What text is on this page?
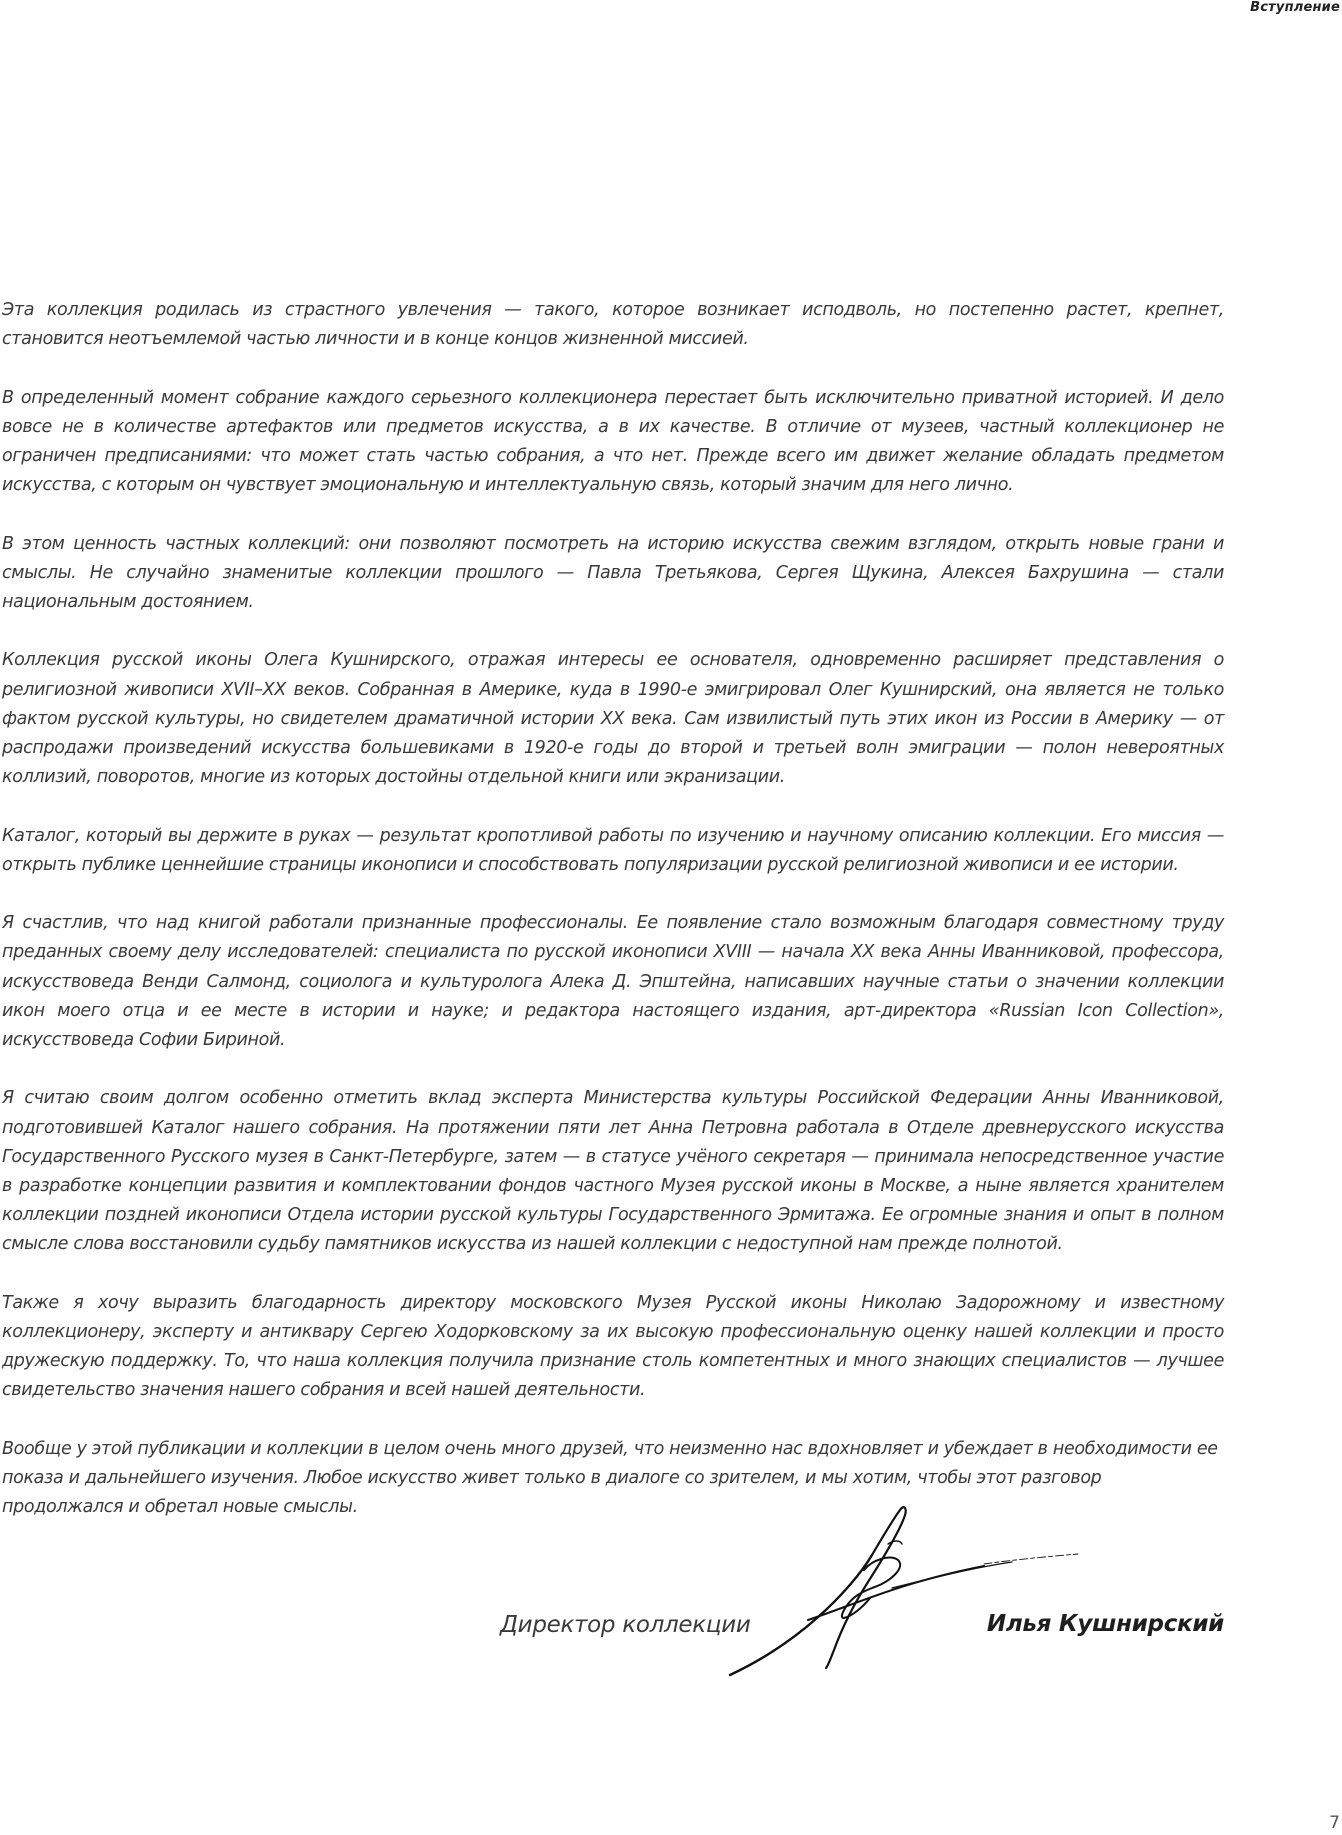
Вступление

Эта коллекция родилась из страстного увлечения — такого, которое возникает исподволь, но постепенно растет, крепнет, становится неотъемлемой частью личности и в конце концов жизненной миссией.

В определенный момент собрание каждого серьезного коллекционера перестает быть исключительно приватной историей. И дело вовсе не в количестве артефактов или предметов искусства, а в их качестве. В отличие от музеев, частный коллекционер не ограничен предписаниями: что может стать частью собрания, а что нет. Прежде всего им движет желание обладать предметом искусства, с которым он чувствует эмоциональную и интеллектуальную связь, который значим для него лично.

В этом ценность частных коллекций: они позволяют посмотреть на историю искусства свежим взглядом, открыть новые грани и смыслы. Не случайно знаменитые коллекции прошлого — Павла Третьякова, Сергея Щукина, Алексея Бахрушина — стали национальным достоянием.

Коллекция русской иконы Олега Кушнирского, отражая интересы ее основателя, одновременно расширяет представления о религиозной живописи XVII–XX веков. Собранная в Америке, куда в 1990-е эмигрировал Олег Кушнирский, она является не только фактом русской культуры, но свидетелем драматичной истории XX века. Сам извилистый путь этих икон из России в Америку — от распродажи произведений искусства большевиками в 1920-е годы до второй и третьей волн эмиграции — полон невероятных коллизий, поворотов, многие из которых достойны отдельной книги или экранизации.

Каталог, который вы держите в руках — результат кропотливой работы по изучению и научному описанию коллекции. Его миссия — открыть публике ценнейшие страницы иконописи и способствовать популяризации русской религиозной живописи и ее истории.

Я счастлив, что над книгой работали признанные профессионалы. Ее появление стало возможным благодаря совместному труду преданных своему делу исследователей: специалиста по русской иконописи XVIII — начала XX века Анны Иванниковой, профессора, искусствоведа Венди Салмонд, социолога и культуролога Алека Д. Эпштейна, написавших научные статьи о значении коллекции икон моего отца и ее месте в истории и науке; и редактора настоящего издания, арт-директора «Russian Icon Collection», искусствоведа Софии Бириной.

Я считаю своим долгом особенно отметить вклад эксперта Министерства культуры Российской Федерации Анны Иванниковой, подготовившей Каталог нашего собрания. На протяжении пяти лет Анна Петровна работала в Отделе древнерусского искусства Государственного Русского музея в Санкт-Петербурге, затем — в статусе учёного секретаря — принимала непосредственное участие в разработке концепции развития и комплектовании фондов частного Музея русской иконы в Москве, а ныне является хранителем коллекции поздней иконописи Отдела истории русской культуры Государственного Эрмитажа. Ее огромные знания и опыт в полном смысле слова восстановили судьбу памятников искусства из нашей коллекции с недоступной нам прежде полнотой.

Также я хочу выразить благодарность директору московского Музея Русской иконы Николаю Задорожному и известному коллекционеру, эксперту и антиквару Сергею Ходорковскому за их высокую профессиональную оценку нашей коллекции и просто дружескую поддержку. То, что наша коллекция получила признание столь компетентных и много знающих специалистов — лучшее свидетельство значения нашего собрания и всей нашей деятельности.

Вообще у этой публикации и коллекции в целом очень много друзей, что неизменно нас вдохновляет и убеждает в необходимости ее показа и дальнейшего изучения. Любое искусство живет только в диалоге со зрителем, и мы хотим, чтобы этот разговор продолжался и обретал новые смыслы.

Директор коллекции	Илья Кушнирский
7
